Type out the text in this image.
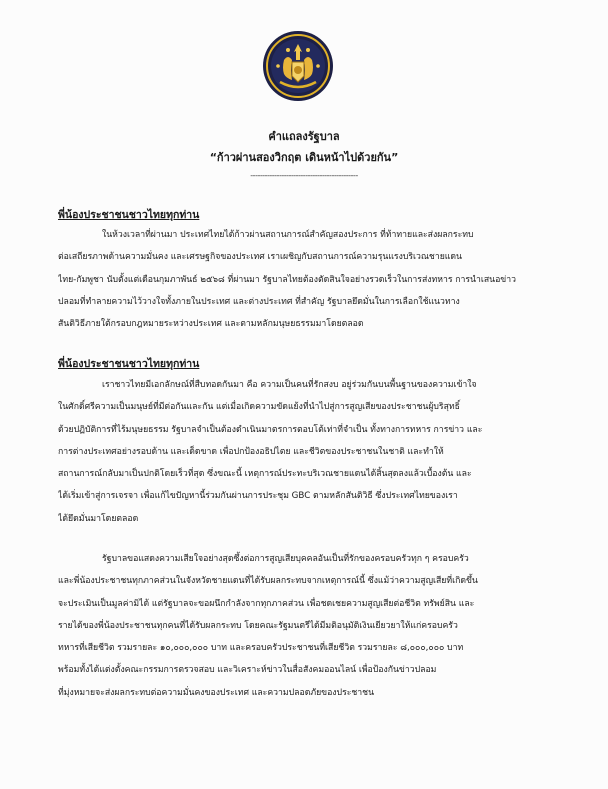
คำแถลงรัฐบาล
“ก้าวผ่านสองวิกฤต เดินหน้าไปด้วยกัน”
---------------------------------------------
พี่น้องประชาชนชาวไทยทุกท่าน
ในห้วงเวลาที่ผ่านมา ประเทศไทยได้ก้าวผ่านสถานการณ์สำคัญสองประการ ที่ท้าทายและส่งผลกระทบ
ต่อเสถียรภาพด้านความมั่นคง และเศรษฐกิจของประเทศ เราเผชิญกับสถานการณ์ความรุนแรงบริเวณชายแดน
ไทย-กัมพูชา นับตั้งแต่เดือนกุมภาพันธ์ ๒๕๖๘ ที่ผ่านมา รัฐบาลไทยต้องตัดสินใจอย่างรวดเร็วในการส่งทหาร การนำเสนอข่าว
ปลอมที่ทำลายความไว้วางใจทั้งภายในประเทศ และต่างประเทศ ที่สำคัญ รัฐบาลยึดมั่นในการเลือกใช้แนวทาง
สันติวิธีภายใต้กรอบกฎหมายระหว่างประเทศ และตามหลักมนุษยธรรมมาโดยตลอด
พี่น้องประชาชนชาวไทยทุกท่าน
เราชาวไทยมีเอกลักษณ์ที่สืบทอดกันมา คือ ความเป็นคนที่รักสงบ อยู่ร่วมกันบนพื้นฐานของความเข้าใจ
ในศักดิ์ศรีความเป็นมนุษย์ที่มีต่อกันและกัน แต่เมื่อเกิดความขัดแย้งที่นำไปสู่การสูญเสียของประชาชนผู้บริสุทธิ์
ด้วยปฏิบัติการที่ไร้มนุษยธรรม รัฐบาลจำเป็นต้องดำเนินมาตรการตอบโต้เท่าที่จำเป็น ทั้งทางการทหาร การข่าว และ
การต่างประเทศอย่างรอบด้าน และเด็ดขาด เพื่อปกป้องอธิปไตย และชีวิตของประชาชนในชาติ และทำให้
สถานการณ์กลับมาเป็นปกติโดยเร็วที่สุด ซึ่งขณะนี้ เหตุการณ์ประทะบริเวณชายแดนได้สิ้นสุดลงแล้วเบื้องต้น และ
ได้เริ่มเข้าสู่การเจรจา เพื่อแก้ไขปัญหานี้ร่วมกันผ่านการประชุม GBC ตามหลักสันติวิธี ซึ่งประเทศไทยของเรา
ได้ยึดมั่นมาโดยตลอด
รัฐบาลขอแสดงความเสียใจอย่างสุดซึ้งต่อการสูญเสียบุคคลอันเป็นที่รักของครอบครัวทุก ๆ ครอบครัว
และพี่น้องประชาชนทุกภาคส่วนในจังหวัดชายแดนที่ได้รับผลกระทบจากเหตุการณ์นี้ ซึ่งแม้ว่าความสูญเสียที่เกิดขึ้น
จะประเมินเป็นมูลค่ามิได้ แต่รัฐบาลจะขอผนึกกำลังจากทุกภาคส่วน เพื่อชดเชยความสูญเสียต่อชีวิต ทรัพย์สิน และ
รายได้ของพี่น้องประชาชนทุกคนที่ได้รับผลกระทบ โดยคณะรัฐมนตรีได้มีมติอนุมัติเงินเยียวยาให้แก่ครอบครัว
ทหารที่เสียชีวิต รวมรายละ ๑๐,๐๐๐,๐๐๐ บาท และครอบครัวประชาชนที่เสียชีวิต รวมรายละ ๘,๐๐๐,๐๐๐ บาท
พร้อมทั้งได้แต่งตั้งคณะกรรมการตรวจสอบ และวิเคราะห์ข่าวในสื่อสังคมออนไลน์ เพื่อป้องกันข่าวปลอม
ที่มุ่งหมายจะส่งผลกระทบต่อความมั่นคงของประเทศ และความปลอดภัยของประชาชน
